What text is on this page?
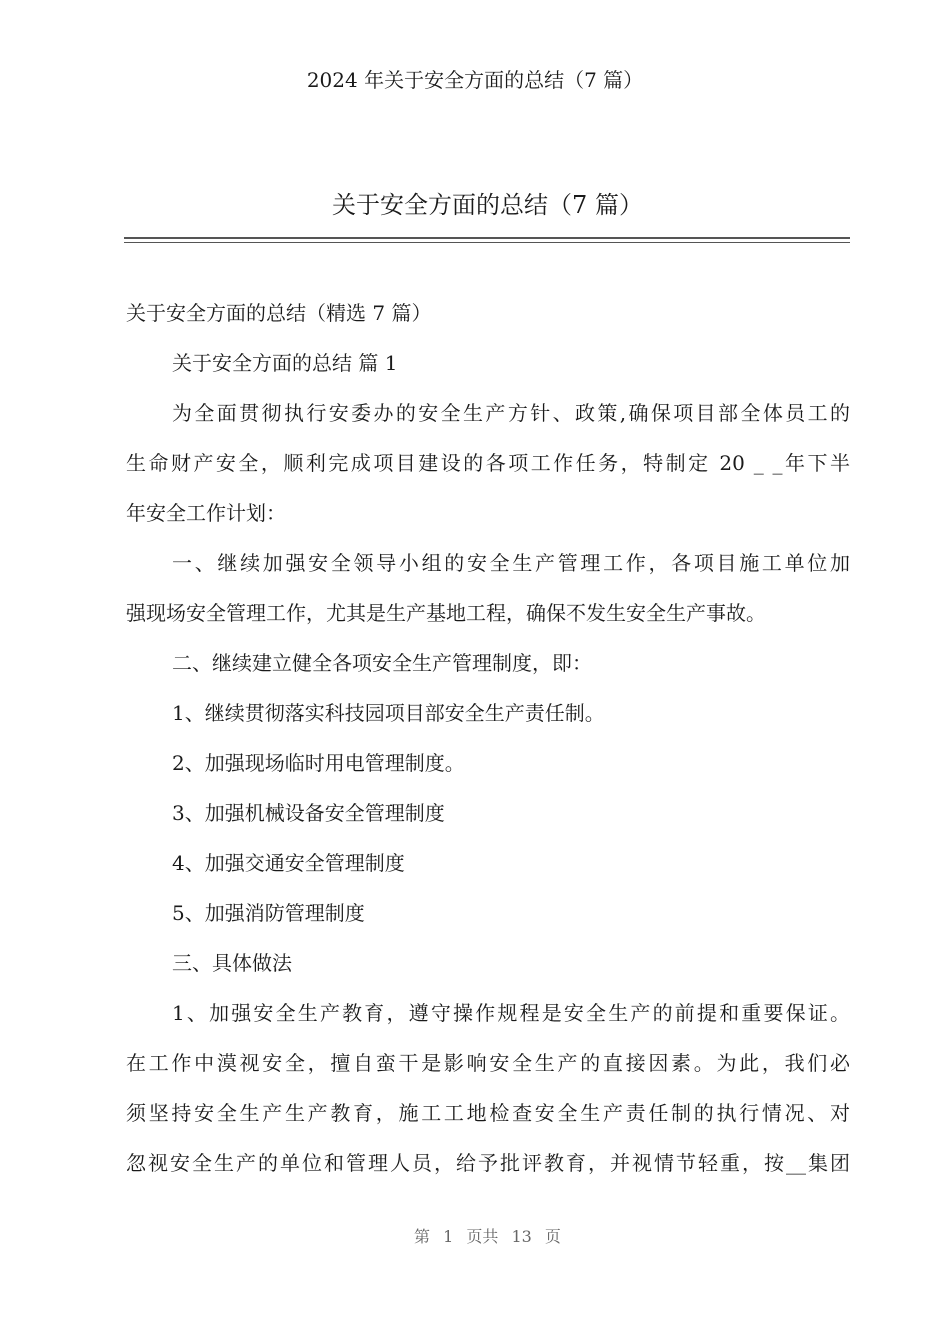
2024 年关于安全方面的总结（7 篇）
关于安全方面的总结（7 篇）
关于安全方面的总结（精选 7 篇）
关于安全方面的总结 篇 1
为全面贯彻执行安委办的安全生产方针、政策,确保项目部全体员工的
生命财产安全，顺利完成项目建设的各项工作任务，特制定 20 _ _年下半
年安全工作计划：
一、继续加强安全领导小组的安全生产管理工作，各项目施工单位加
强现场安全管理工作，尤其是生产基地工程，确保不发生安全生产事故。
二、继续建立健全各项安全生产管理制度，即：
1、继续贯彻落实科技园项目部安全生产责任制。
2、加强现场临时用电管理制度。
3、加强机械设备安全管理制度
4、加强交通安全管理制度
5、加强消防管理制度
三、具体做法
1、加强安全生产教育，遵守操作规程是安全生产的前提和重要保证。
在工作中漠视安全，擅自蛮干是影响安全生产的直接因素。为此，我们必
须坚持安全生产生产教育，施工工地检查安全生产责任制的执行情况、对
忽视安全生产的单位和管理人员，给予批评教育，并视情节轻重，按__集团
第 1 页共 13 页
